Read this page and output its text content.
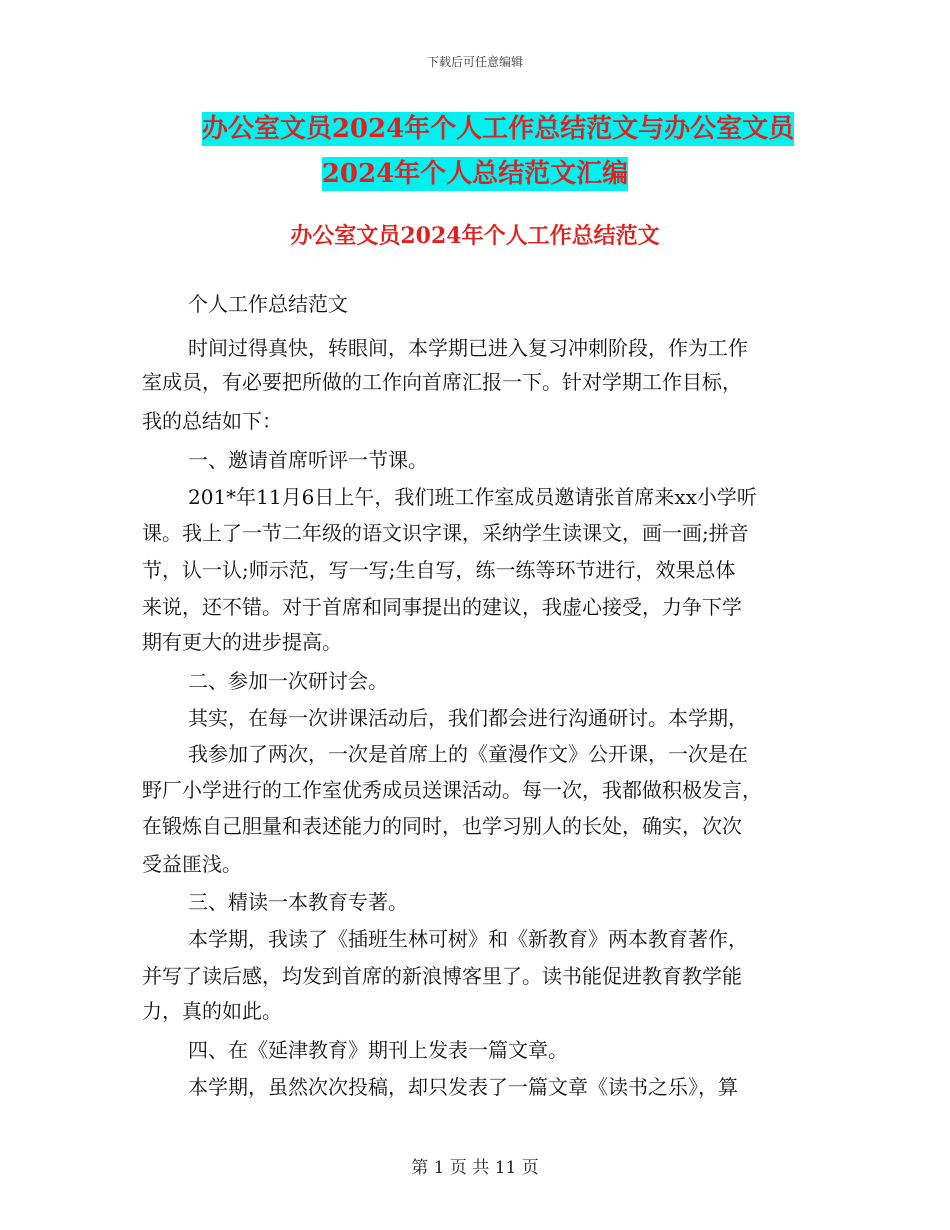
下载后可任意编辑
办公室文员2024年个人工作总结范文与办公室文员
2024年个人总结范文汇编
办公室文员2024年个人工作总结范文
个人工作总结范文
时间过得真快，转眼间，本学期已进入复习冲刺阶段，作为工作
室成员，有必要把所做的工作向首席汇报一下。针对学期工作目标，
我的总结如下：
一、邀请首席听评一节课。
201*年11月6日上午，我们班工作室成员邀请张首席来xx小学听
课。我上了一节二年级的语文识字课，采纳学生读课文，画一画;拼音
节，认一认;师示范，写一写;生自写，练一练等环节进行，效果总体
来说，还不错。对于首席和同事提出的建议，我虚心接受，力争下学
期有更大的进步提高。
二、参加一次研讨会。
其实，在每一次讲课活动后，我们都会进行沟通研讨。本学期，
我参加了两次，一次是首席上的《童漫作文》公开课，一次是在
野厂小学进行的工作室优秀成员送课活动。每一次，我都做积极发言，
在锻炼自己胆量和表述能力的同时，也学习别人的长处，确实，次次
受益匪浅。
三、精读一本教育专著。
本学期，我读了《插班生林可树》和《新教育》两本教育著作，
并写了读后感，均发到首席的新浪博客里了。读书能促进教育教学能
力，真的如此。
四、在《延津教育》期刊上发表一篇文章。
本学期，虽然次次投稿，却只发表了一篇文章《读书之乐》，算
第 1 页 共 11 页
